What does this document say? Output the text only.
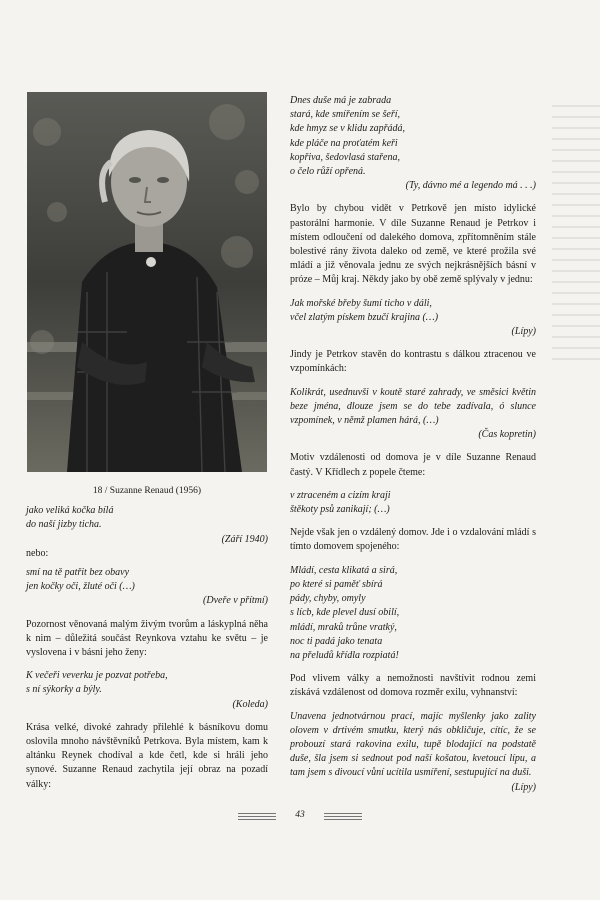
18 / Suzanne Renaud (1956)
jako veliká kočka bílá
do naší jizby ticha.
(Září 1940)
nebo:
smí na tě patřit bez obavy
jen kočky oči, žluté oči (…)
(Dveře v přítmí)

Pozornost věnovaná malým živým tvorům a láskyplná něha k nim – důležitá součást Reynkova vztahu ke světu – je vyslovena i v básni jeho ženy:

K večeři veverku je pozvat potřeba,
s ní sýkorky a býly.
(Koleda)

Krása velké, divoké zahrady přilehlé k básníkovu domu oslovila mnoho návštěvníků Petrkova. Byla místem, kam k altánku Reynek chodíval a kde četl, kde si hráli jeho synové. Suzanne Renaud zachytila její obraz na pozadí války:

Dnes duše má je zabrada
stará, kde smířením se šeří,
kde hmyz se v klidu zapřádá,
kde pláče na proťatém keři
kopřiva, šedovlasá stařena,
o čelo růží opřená.
(Ty, dávno mé a legendo má . . .)

Bylo by chybou vidět v Petrkově jen místo idylické pastorální harmonie. V díle Suzanne Renaud je Petrkov i místem odloučení od dalekého domova, zpřítomněním stále bolestivé rány života daleko od země, ve které prožila své mládí a již věnovala jednu ze svých nejkrásnějších básní v próze – Můj kraj. Někdy jako by obě země splývaly v jednu:

Jak mořské břeby šumí ticho v dáli,
včel zlatým pískem bzučí krajina (…)
(Lípy)

Jindy je Petrkov stavěn do kontrastu s dálkou ztracenou ve vzpomínkách:

Kolikrát, usednuvši v koutě staré zahrady, ve směsici květin beze jména, dlouze jsem se do tebe zadívala, ó slunce vzpomínek, v němž plamen hárá, (…)

(Čas kopretin)

Motiv vzdálenosti od domova je v díle Suzanne Renaud častý. V Křídlech z popele čteme:

v ztraceném a cizím kraji
štěkoty psů zanikají; (…)

Nejde však jen o vzdálený domov. Jde i o vzdalování mládí s tímto domovem spojeného:

Mládí, cesta klikatá a sirá,
po které si paměť sbírá
pády, chyby, omyly
s lícb, kde plevel dusí obilí,
mládí, mraků trůne vratký,
noc ti padá jako tenata
na přeludů křídla rozpiatá!

Pod vlivem války a nemožnosti navštívit rodnou zemi získává vzdálenost od domova rozměr exilu, vyhnanství:

Unavena jednotvárnou prací, majíc myšlenky jako zality olovem v drtivém smutku, který nás obkličuje, cítíc, že se probouzí stará rakovina exilu, tupě blodající na podstatě duše, šla jsem si sednout pod naší košatou, kvetoucí lípu, a tam jsem s divoucí vůní ucítila usmíření, sestupující na duši.

(Lípy)
43
